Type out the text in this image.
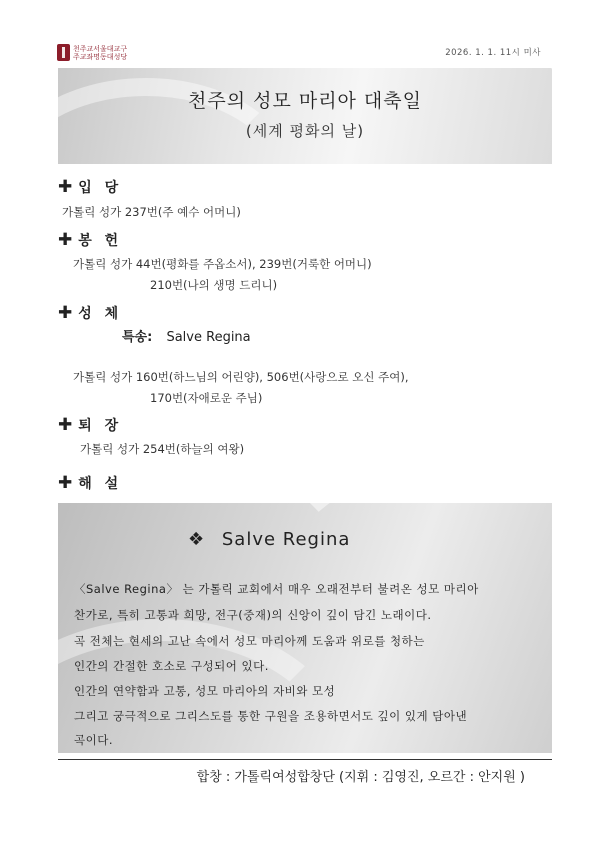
천주교서울대교구
주교좌명동대성당	2026. 1. 1. 11시 미사
천주의 성모 마리아 대축일
(세계 평화의 날)
✚ 입 당
가톨릭 성가 237번(주 예수 어머니)
✚ 봉 헌
가톨릭 성가 44번(평화를 주옵소서), 239번(거룩한 어머니)
210번(나의 생명 드리니)
✚ 성 체
특송: Salve Regina
가톨릭 성가 160번(하느님의 어린양), 506번(사랑으로 오신 주여),
170번(자애로운 주님)
✚ 퇴 장
가톨릭 성가 254번(하늘의 여왕)
✚ 해 설
❖ Salve Regina
〈Salve Regina〉 는 가톨릭 교회에서 매우 오래전부터 불려온 성모 마리아
찬가로, 특히 고통과 희망, 전구(중재)의 신앙이 깊이 담긴 노래이다.
곡 전체는 현세의 고난 속에서 성모 마리아께 도움과 위로를 청하는
인간의 간절한 호소로 구성되어 있다.
인간의 연약함과 고통, 성모 마리아의 자비와 모성
그리고 궁극적으로 그리스도를 통한 구원을 조용하면서도 깊이 있게 담아낸
곡이다.
합창 : 가톨릭여성합창단 (지휘 : 김영진, 오르간 : 안지원 )
